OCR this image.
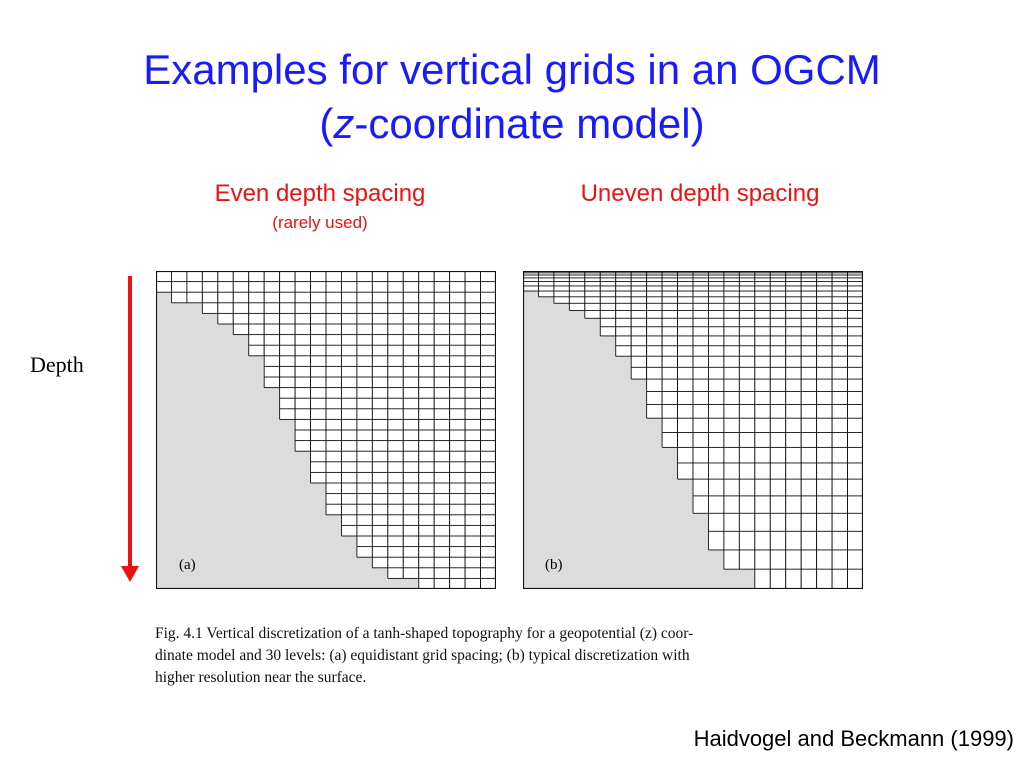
Examples for vertical grids in an OGCM
(z-coordinate model)
Even depth spacing
(rarely used)
Uneven depth spacing
Depth
(a)	(b)
Fig. 4.1 Vertical discretization of a tanh-shaped topography for a geopotential (z) coor-
dinate model and 30 levels: (a) equidistant grid spacing; (b) typical discretization with
higher resolution near the surface.
Haidvogel and Beckmann (1999)
